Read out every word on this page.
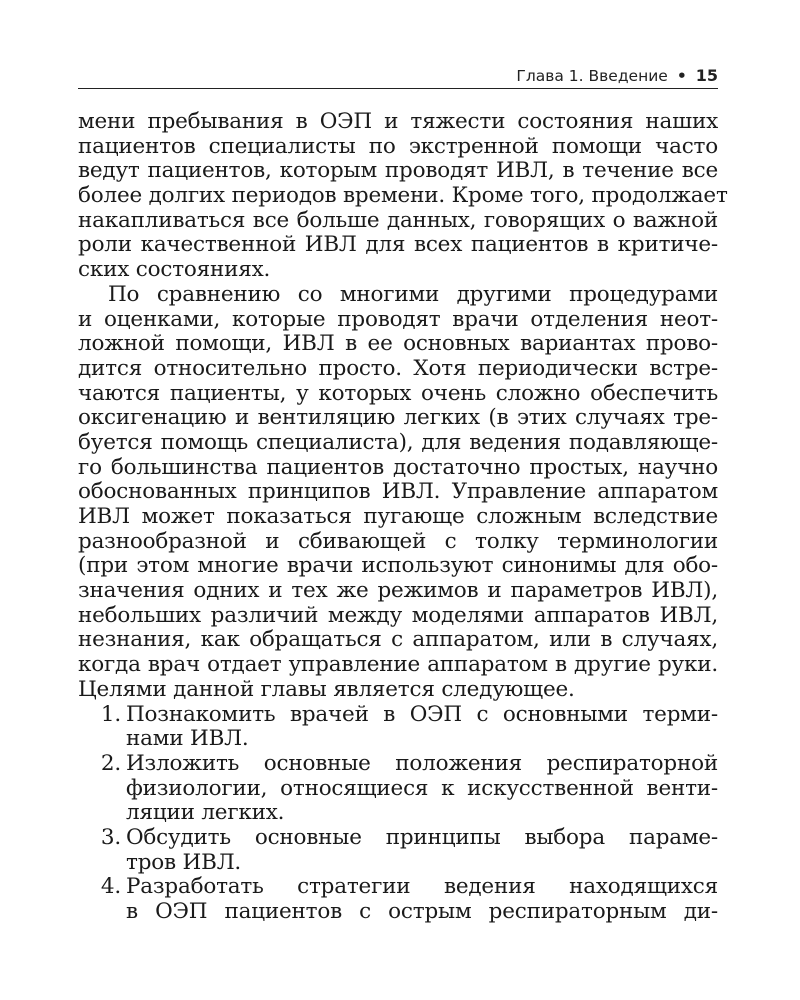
Глава 1. Введение • 15
мени пребывания в ОЭП и тяжести состояния наших
пациентов специалисты по экстренной помощи часто
ведут пациентов, которым проводят ИВЛ, в течение все
более долгих периодов времени. Кроме того, продолжает
накапливаться все больше данных, говорящих о важной
роли качественной ИВЛ для всех пациентов в критиче-
ских состояниях.
По сравнению со многими другими процедурами
и оценками, которые проводят врачи отделения неот-
ложной помощи, ИВЛ в ее основных вариантах прово-
дится относительно просто. Хотя периодически встре-
чаются пациенты, у которых очень сложно обеспечить
оксигенацию и вентиляцию легких (в этих случаях тре-
буется помощь специалиста), для ведения подавляюще-
го большинства пациентов достаточно простых, научно
обоснованных принципов ИВЛ. Управление аппаратом
ИВЛ может показаться пугающе сложным вследствие
разнообразной и сбивающей с толку терминологии
(при этом многие врачи используют синонимы для обо-
значения одних и тех же режимов и параметров ИВЛ),
небольших различий между моделями аппаратов ИВЛ,
незнания, как обращаться с аппаратом, или в случаях,
когда врач отдает управление аппаратом в другие руки.
Целями данной главы является следующее.
1. Познакомить врачей в ОЭП с основными терми-
нами ИВЛ.
2. Изложить основные положения респираторной
физиологии, относящиеся к искусственной венти-
ляции легких.
3. Обсудить основные принципы выбора параме-
тров ИВЛ.
4. Разработать стратегии ведения находящихся
в ОЭП пациентов с острым респираторным ди-
